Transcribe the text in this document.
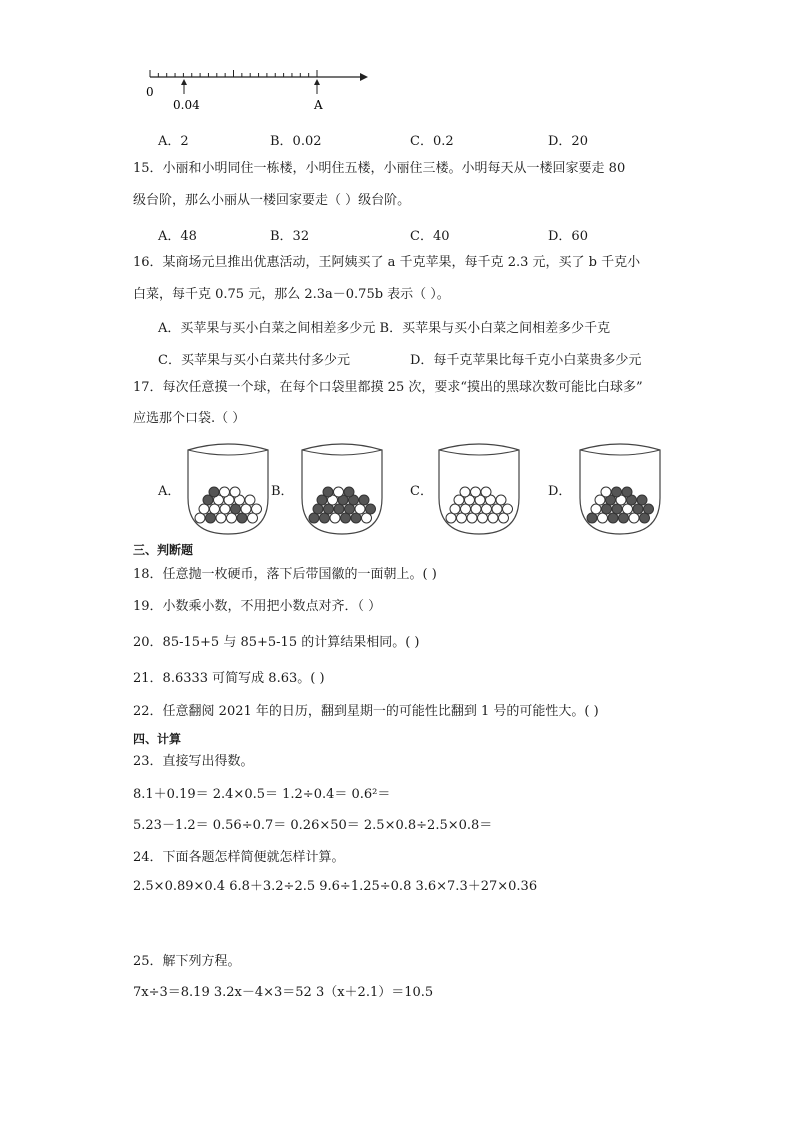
0
0.04	A
A．2	B．0.02	C．0.2	D．20
15．小丽和小明同住一栋楼，小明住五楼，小丽住三楼。小明每天从一楼回家要走 80
级台阶，那么小丽从一楼回家要走（ ）级台阶。
A．48	B．32	C．40	D．60
16．某商场元旦推出优惠活动，王阿姨买了 a 千克苹果，每千克 2.3 元，买了 b 千克小
白菜，每千克 0.75 元，那么 2.3a－0.75b 表示（ ）。
A．买苹果与买小白菜之间相差多少元 B．买苹果与买小白菜之间相差多少千克
C．买苹果与买小白菜共付多少元	D．每千克苹果比每千克小白菜贵多少元
17．每次任意摸一个球，在每个口袋里都摸 25 次，要求“摸出的黑球次数可能比白球多”
应选那个口袋.（ ）
A．	B．	C．	D．
三、判断题
18．任意抛一枚硬币，落下后带国徽的一面朝上。( )
19．小数乘小数，不用把小数点对齐．（ ）
20．85-15+5 与 85+5-15 的计算结果相同。( )
21．8.6333 可简写成 8.63。( )
22．任意翻阅 2021 年的日历，翻到星期一的可能性比翻到 1 号的可能性大。( )
四、计算
23．直接写出得数。
8.1＋0.19＝ 2.4×0.5＝ 1.2÷0.4＝ 0.6²＝
5.23－1.2＝ 0.56÷0.7＝ 0.26×50＝ 2.5×0.8÷2.5×0.8＝
24．下面各题怎样简便就怎样计算。
2.5×0.89×0.4 6.8＋3.2÷2.5 9.6÷1.25÷0.8 3.6×7.3＋27×0.36
25．解下列方程。
7x÷3＝8.19 3.2x－4×3＝52 3（x＋2.1）＝10.5
